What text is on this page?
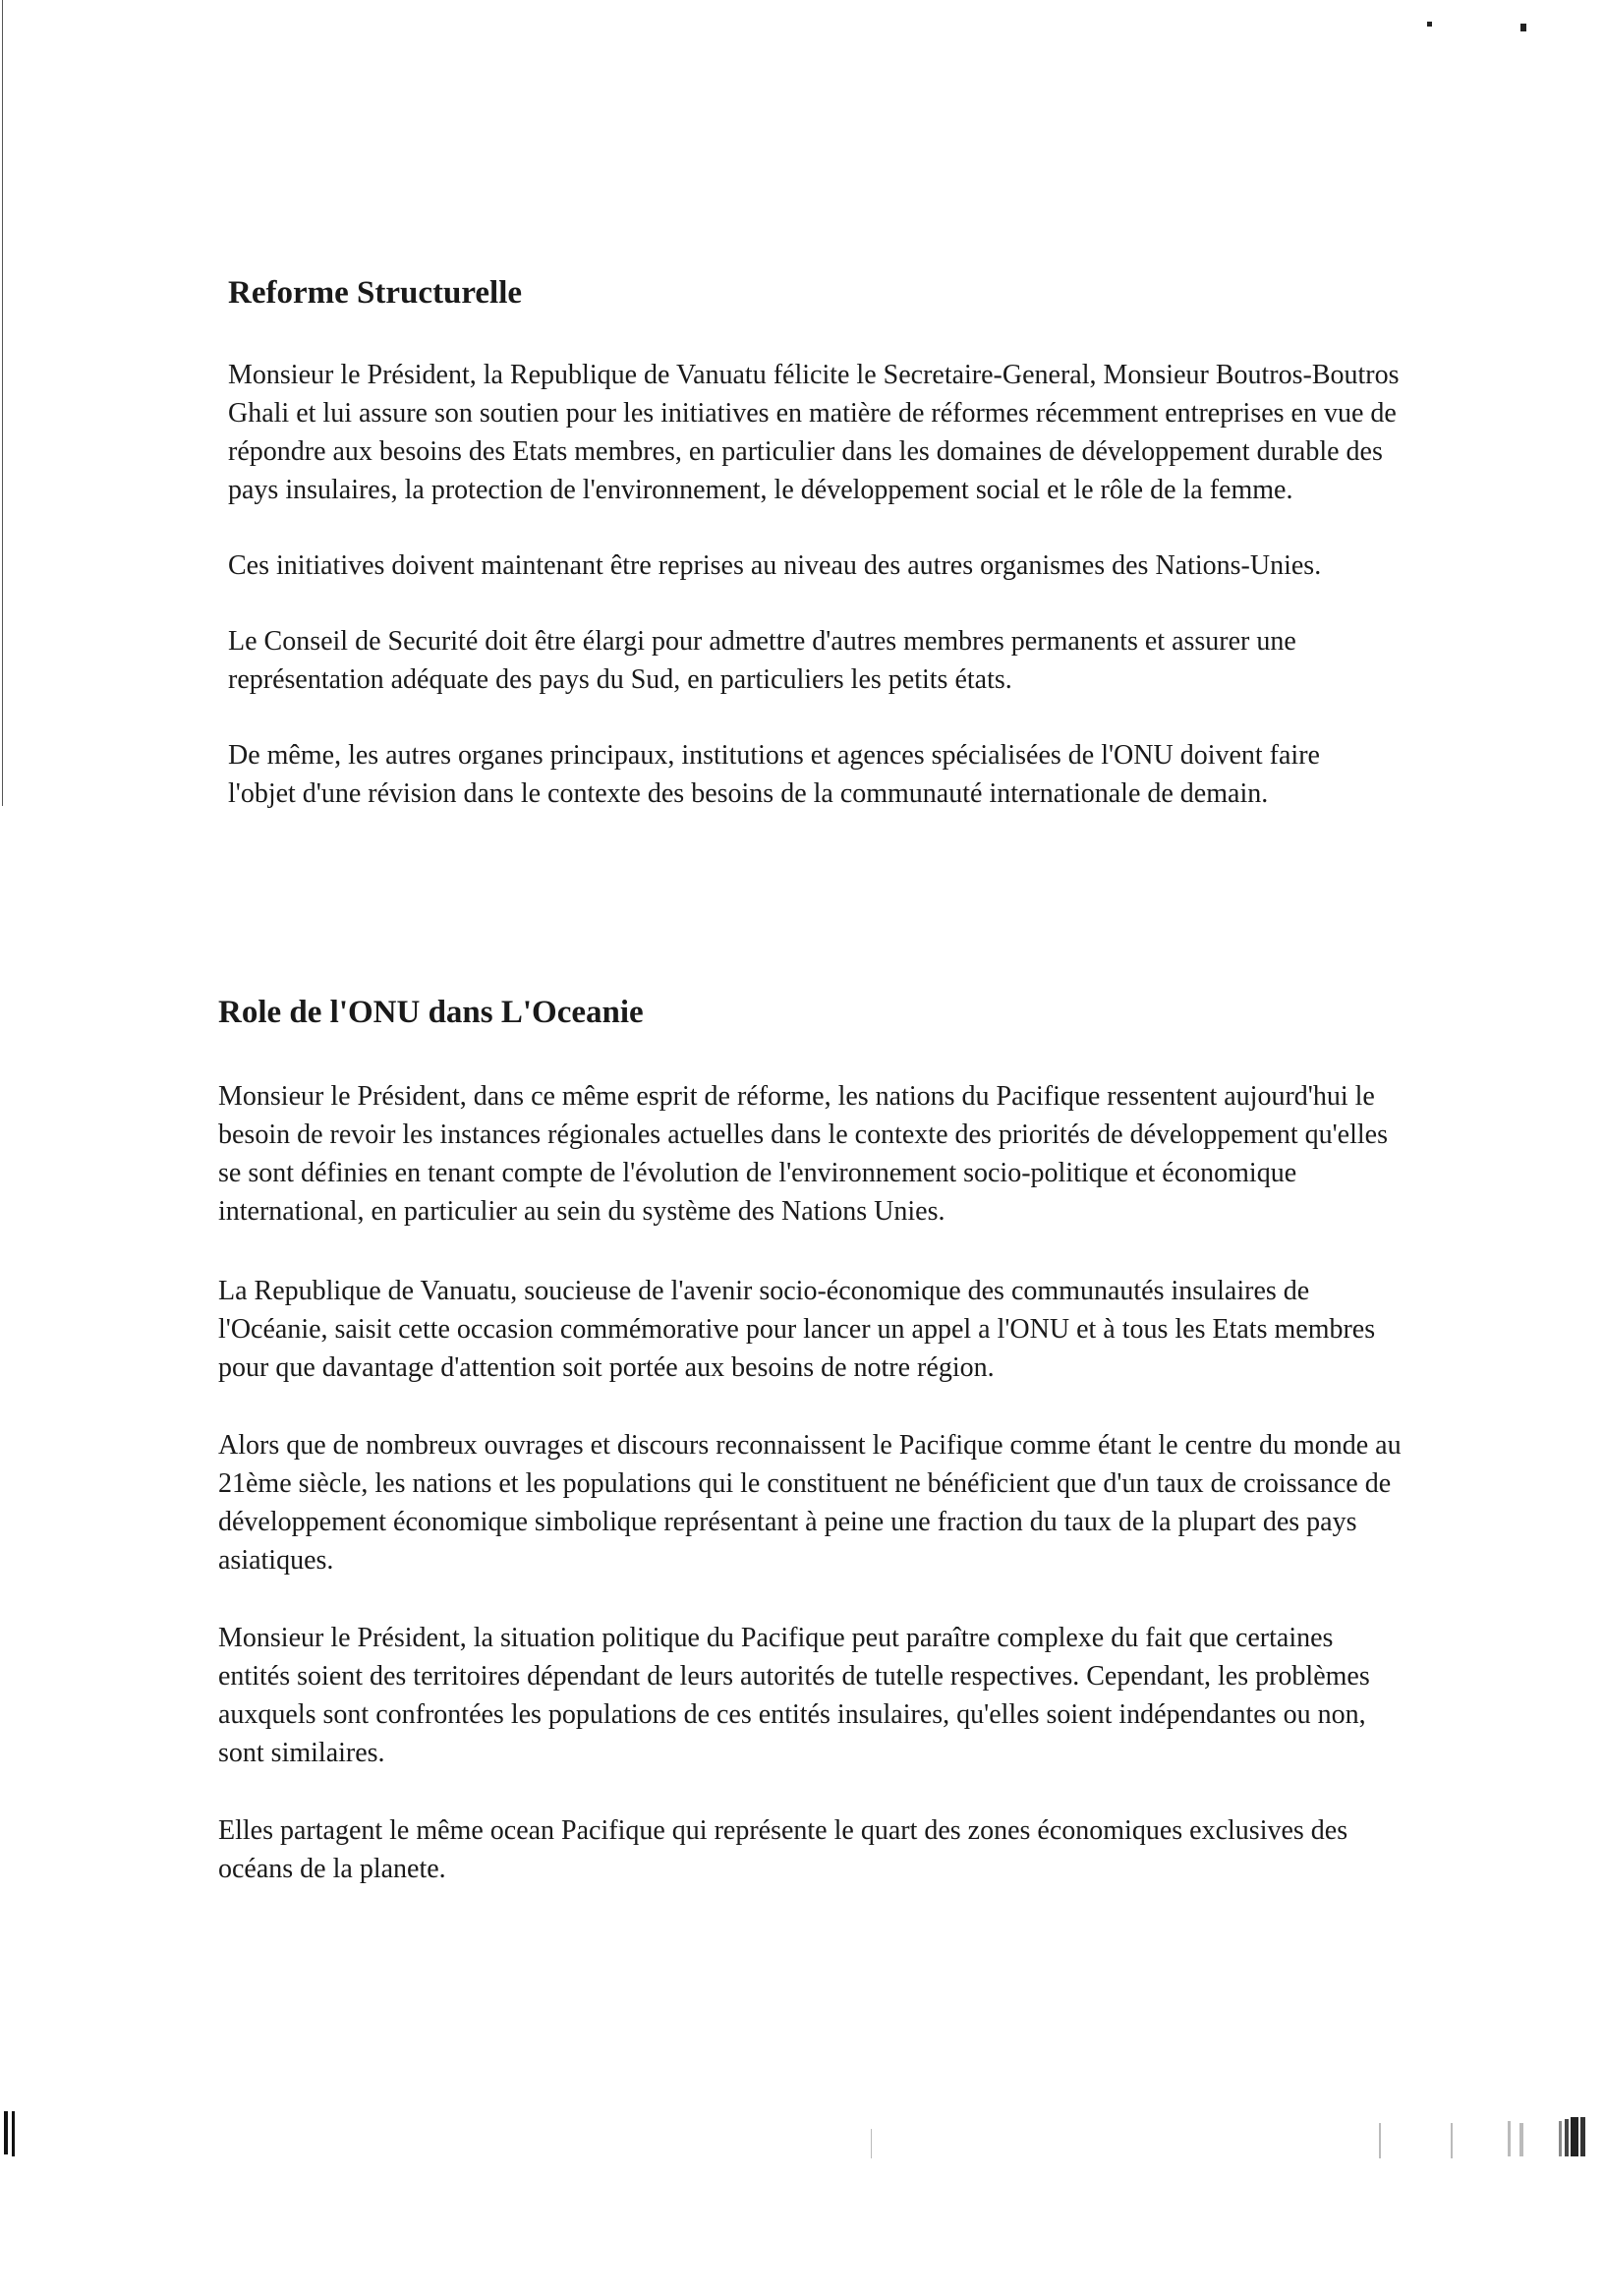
Reforme Structurelle

Monsieur le Président, la Republique de Vanuatu félicite le Secretaire-General, Monsieur Boutros-Boutros Ghali et lui assure son soutien pour les initiatives en matière de réformes récemment entreprises en vue de répondre aux besoins des Etats membres, en particulier dans les domaines de développement durable des pays insulaires, la protection de l'environnement, le développement social et le rôle de la femme.

Ces initiatives doivent maintenant être reprises au niveau des autres organismes des Nations-Unies.

Le Conseil de Securité doit être élargi pour admettre d'autres membres permanents et assurer une représentation adéquate des pays du Sud, en particuliers les petits états.

De même, les autres organes principaux, institutions et agences spécialisées de l'ONU doivent faire l'objet d'une révision dans le contexte des besoins de la communauté internationale de demain.

Role de l'ONU dans L'Oceanie

Monsieur le Président, dans ce même esprit de réforme, les nations du Pacifique ressentent aujourd'hui le besoin de revoir les instances régionales actuelles dans le contexte des priorités de développement qu'elles se sont définies en tenant compte de l'évolution de l'environnement socio-politique et économique international, en particulier au sein du système des Nations Unies.

La Republique de Vanuatu, soucieuse de l'avenir socio-économique des communautés insulaires de l'Océanie, saisit cette occasion commémorative pour lancer un appel a l'ONU et à tous les Etats membres pour que davantage d'attention soit portée aux besoins de notre région.

Alors que de nombreux ouvrages et discours reconnaissent le Pacifique comme étant le centre du monde au 21ème siècle, les nations et les populations qui le constituent ne bénéficient que d'un taux de croissance de développement économique simbolique représentant à peine une fraction du taux de la plupart des pays asiatiques.

Monsieur le Président, la situation politique du Pacifique peut paraître complexe du fait que certaines entités soient des territoires dépendant de leurs autorités de tutelle respectives. Cependant, les problèmes auxquels sont confrontées les populations de ces entités insulaires, qu'elles soient indépendantes ou non, sont similaires.

Elles partagent le même ocean Pacifique qui représente le quart des zones économiques exclusives des océans de la planete.
